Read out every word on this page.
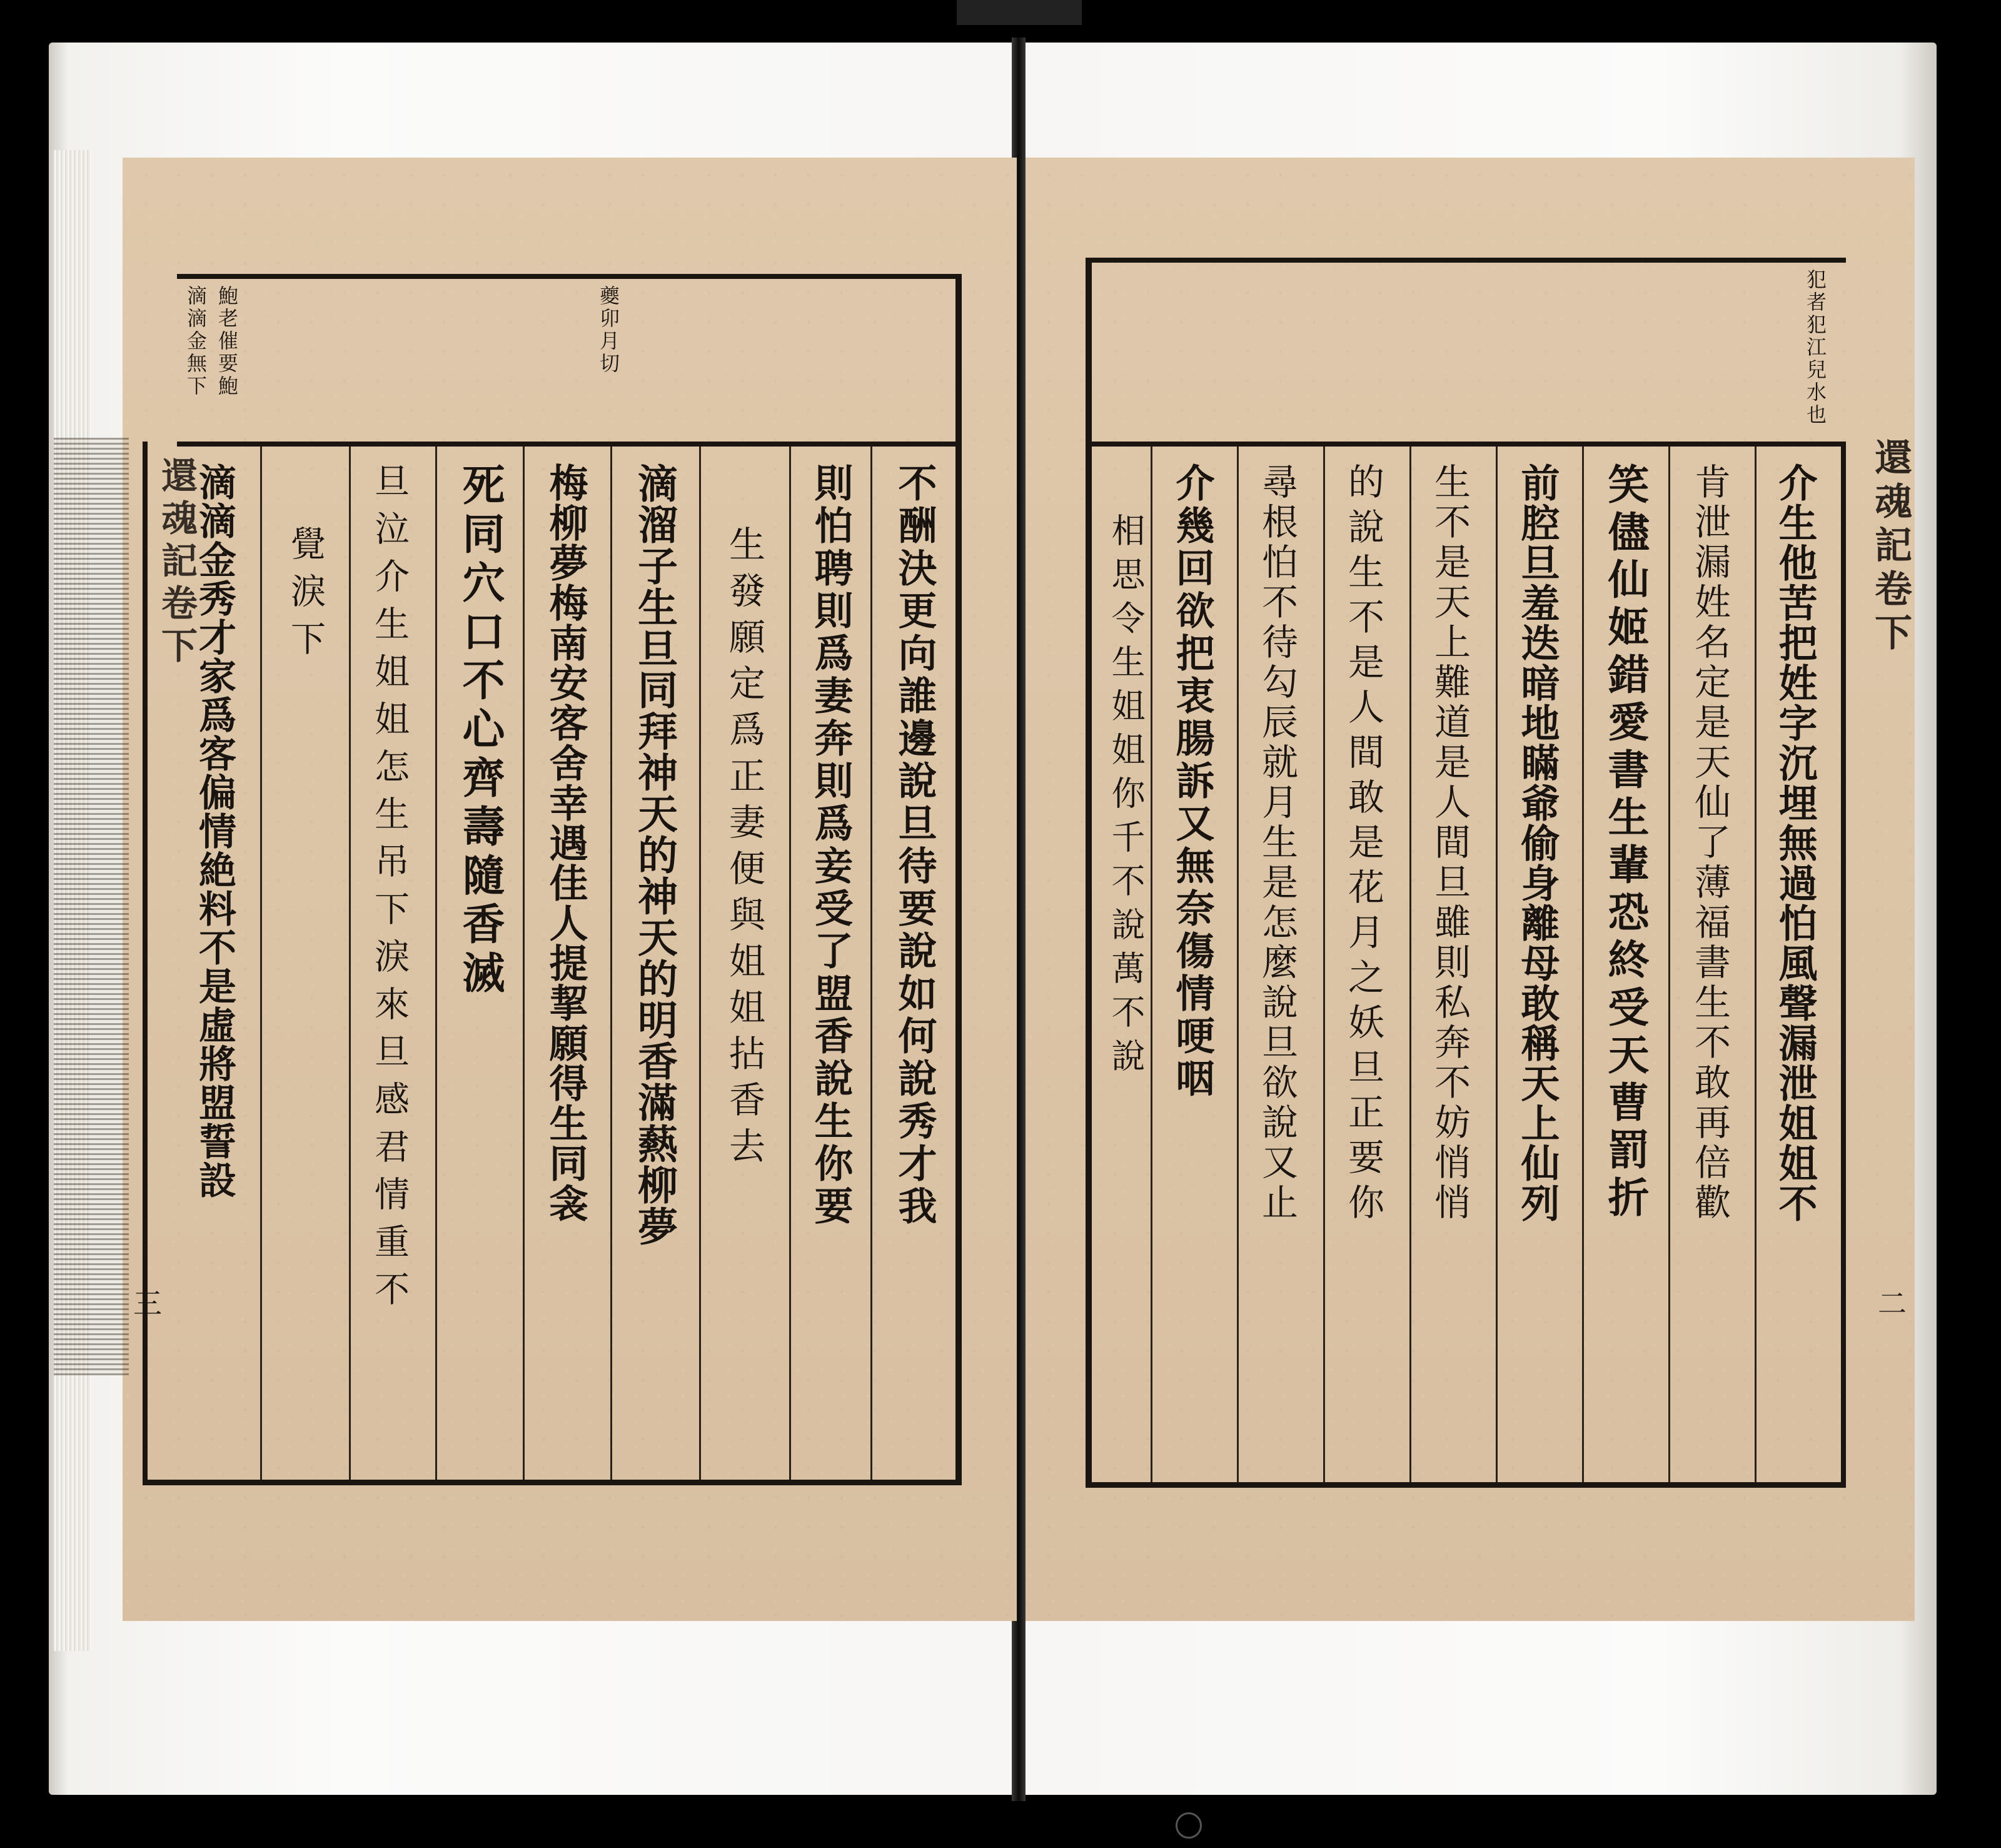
滴滴金無下 鮑老催要鮑	夔卯月切
還魂記卷下
三
不酬決更向誰邊說旦待要說如何說秀才我
則怕聘則爲妻奔則爲妾受了盟香說生你要
生發願定爲正妻便與姐姐拈香去
滴溜子生旦同拜神天的神天的明香滿爇柳夢
梅柳夢梅南安客舍幸遇佳人提挈願得生同衾
死同穴口不心齊壽隨香滅
旦泣介生姐姐怎生吊下淚來旦感君情重不
覺淚下
滴滴金秀才家爲客偏情絶料不是虛將盟誓設
犯者犯江兒水也
還魂記卷下
二
介生他苦把姓字沉埋無過怕風聲漏泄姐姐不
肯泄漏姓名定是天仙了薄福書生不敢再倍歡
笑儘仙姬錯愛書生輩恐終受天曹罰折
前腔旦羞迭暗地瞞爺偷身離母敢稱天上仙列
生不是天上難道是人間旦雖則私奔不妨悄悄
的說生不是人間敢是花月之妖旦正要你
尋根怕不待勾辰就月生是怎麼說旦欲說又止
介幾回欲把衷腸訴又無奈傷情哽咽
相思令生姐姐你千不說萬不說
